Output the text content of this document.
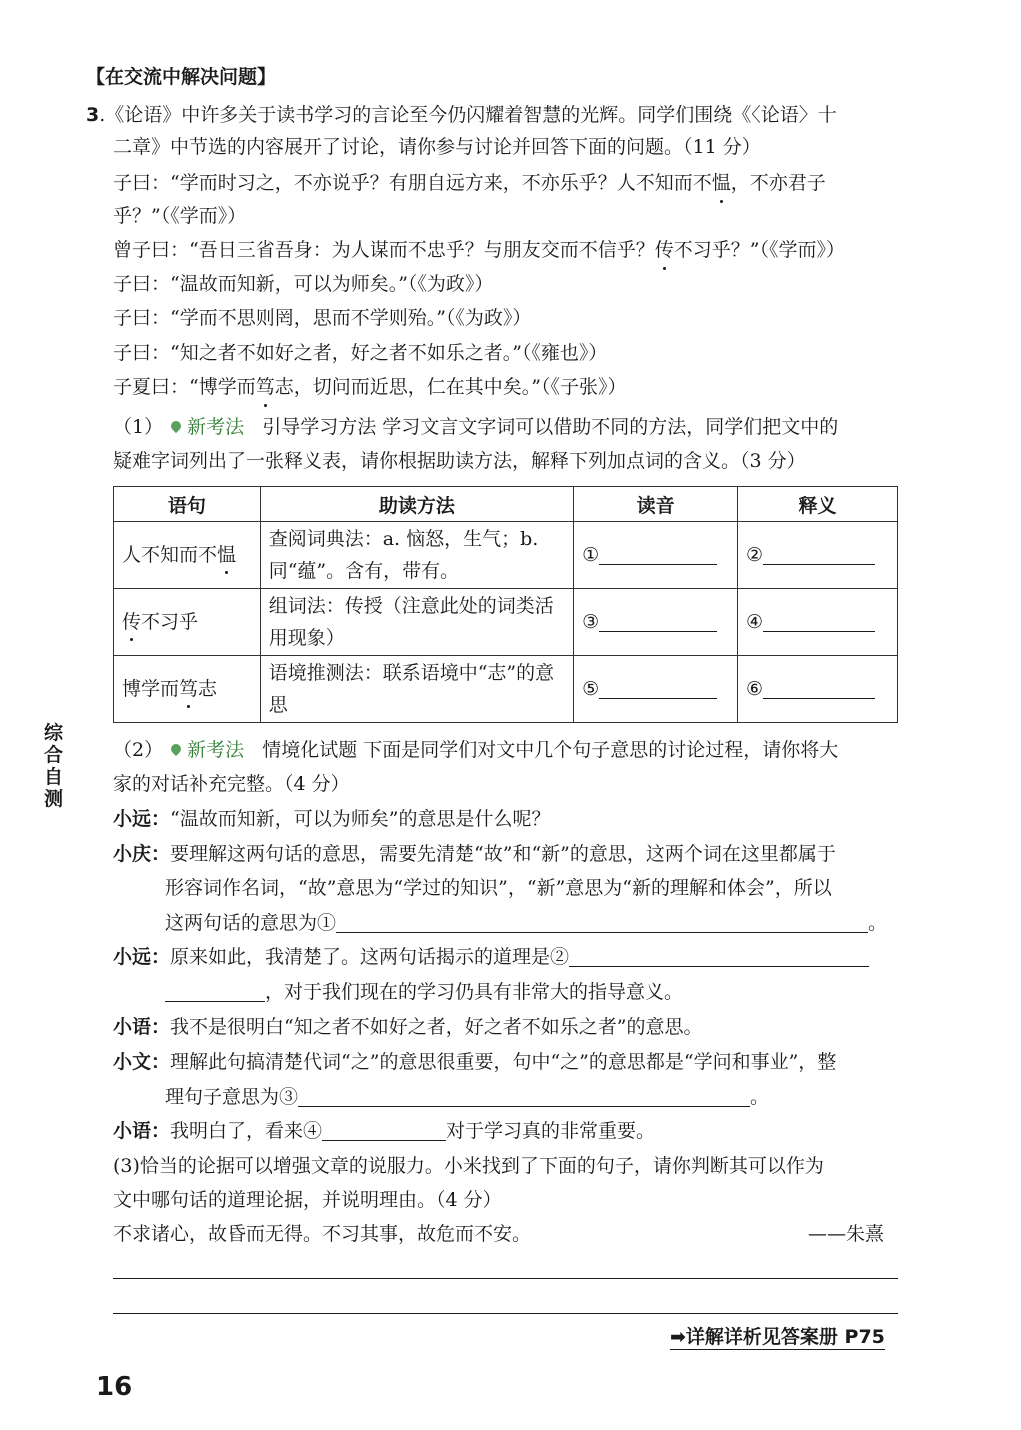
【在交流中解决问题】
3.《论语》中许多关于读书学习的言论至今仍闪耀着智慧的光辉。同学们围绕《〈论语〉十
二章》中节选的内容展开了讨论，请你参与讨论并回答下面的问题。（11 分）
子曰：“学而时习之，不亦说乎？有朋自远方来，不亦乐乎？人不知而不愠，不亦君子
乎？”（《学而》）
曾子曰：“吾日三省吾身：为人谋而不忠乎？与朋友交而不信乎？传不习乎？”（《学而》）
子曰：“温故而知新，可以为师矣。”（《为政》）
子曰：“学而不思则罔，思而不学则殆。”（《为政》）
子曰：“知之者不如好之者，好之者不如乐之者。”（《雍也》）
子夏曰：“博学而笃志，切问而近思，仁在其中矣。”（《子张》）
（1） 新考法 引导学习方法 学习文言文字词可以借助不同的方法，同学们把文中的
疑难字词列出了一张释义表，请你根据助读方法，解释下列加点词的含义。（3 分）
语句	助读方法	读音	释义
人不知而不愠	查阅词典法：a. 恼怒，生气；b. 同“蕴”。含有，带有。	①	②
传不习乎	组词法：传授（注意此处的词类活用现象）	③	④
博学而笃志	语境推测法：联系语境中“志”的意思	⑤	⑥
综合自测
（2） 新考法 情境化试题 下面是同学们对文中几个句子意思的讨论过程，请你将大
家的对话补充完整。（4 分）
小远：“温故而知新，可以为师矣”的意思是什么呢？
小庆：要理解这两句话的意思，需要先清楚“故”和“新”的意思，这两个词在这里都属于
形容词作名词，“故”意思为“学过的知识”，“新”意思为“新的理解和体会”，所以
这两句话的意思为①	。
小远：原来如此，我清楚了。这两句话揭示的道理是②
，对于我们现在的学习仍具有非常大的指导意义。
小语：我不是很明白“知之者不如好之者，好之者不如乐之者”的意思。
小文：理解此句搞清楚代词“之”的意思很重要，句中“之”的意思都是“学问和事业”，整
理句子意思为③	。
小语：我明白了，看来④	对于学习真的非常重要。
(3)恰当的论据可以增强文章的说服力。小米找到了下面的句子，请你判断其可以作为
文中哪句话的道理论据，并说明理由。（4 分）
不求诸心，故昏而无得。不习其事，故危而不安。	——朱熹
➡详解详析见答案册 P75
16
